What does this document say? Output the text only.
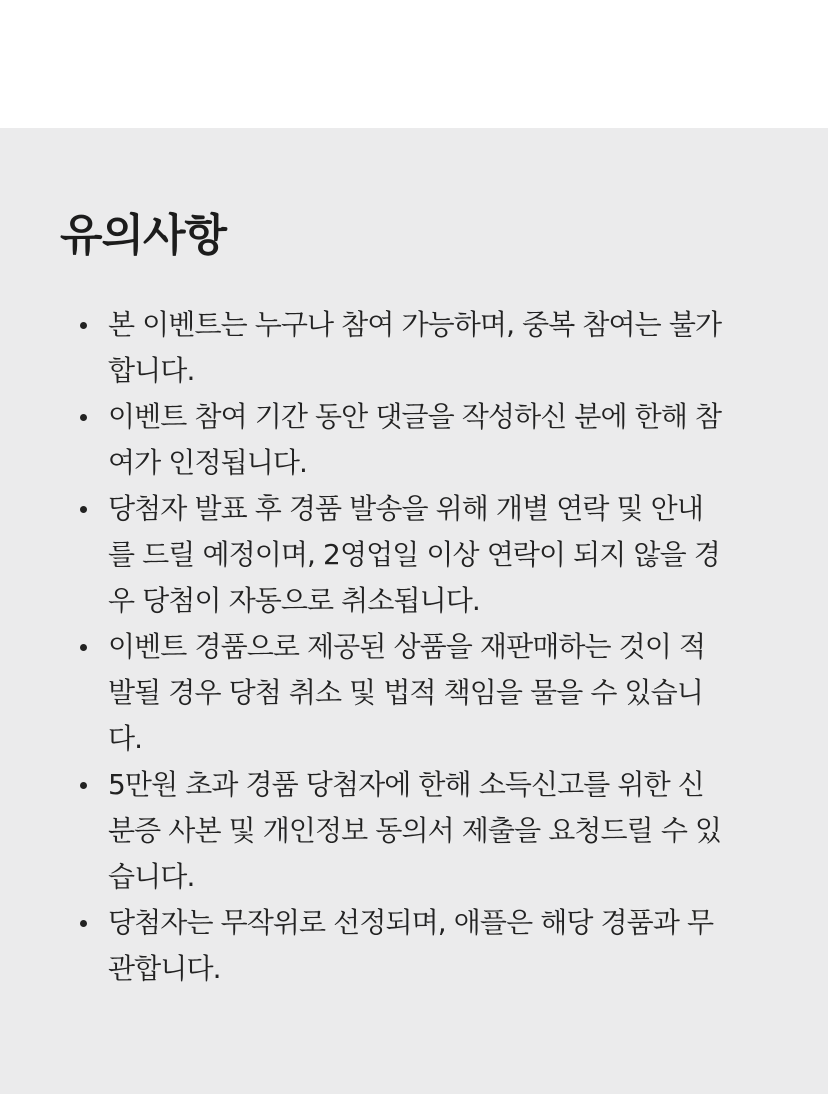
유의사항
본 이벤트는 누구나 참여 가능하며, 중복 참여는 불가합니다.
이벤트 참여 기간 동안 댓글을 작성하신 분에 한해 참여가 인정됩니다.
당첨자 발표 후 경품 발송을 위해 개별 연락 및 안내를 드릴 예정이며, 2영업일 이상 연락이 되지 않을 경우 당첨이 자동으로 취소됩니다.
이벤트 경품으로 제공된 상품을 재판매하는 것이 적발될 경우 당첨 취소 및 법적 책임을 물을 수 있습니다.
5만원 초과 경품 당첨자에 한해 소득신고를 위한 신분증 사본 및 개인정보 동의서 제출을 요청드릴 수 있습니다.
당첨자는 무작위로 선정되며, 애플은 해당 경품과 무관합니다.
